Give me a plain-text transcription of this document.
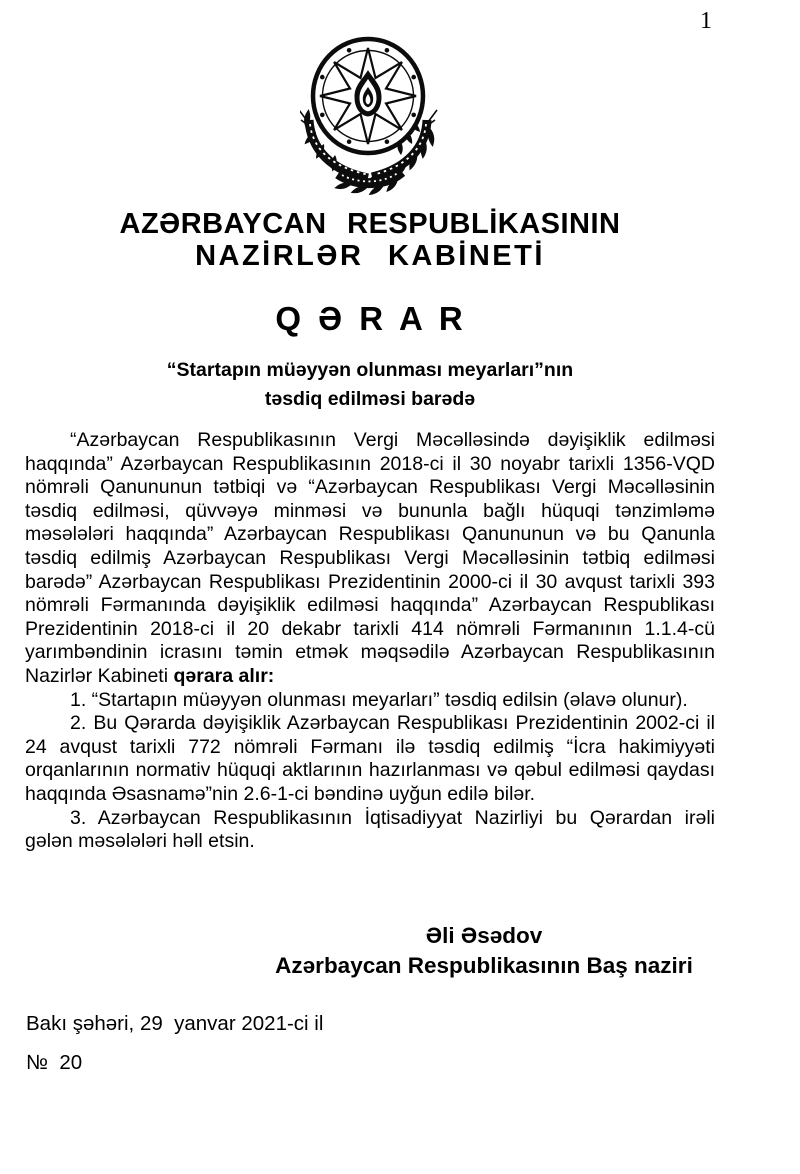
1
AZƏRBAYCAN RESPUBLİKASININ
NAZİRLƏR KABİNETİ
Q Ə R A R
“Startapın müəyyən olunması meyarları”nın
təsdiq edilməsi barədə

“Azərbaycan Respublikasının Vergi Məcəlləsində dəyişiklik edilməsi haqqında” Azərbaycan Respublikasının 2018-ci il 30 noyabr tarixli 1356-VQD nömrəli Qanununun tətbiqi və “Azərbaycan Respublikası Vergi Məcəlləsinin təsdiq edilməsi, qüvvəyə minməsi və bununla bağlı hüquqi tənzimləmə məsələləri haqqında” Azərbaycan Respublikası Qanununun və bu Qanunla təsdiq edilmiş Azərbaycan Respublikası Vergi Məcəlləsinin tətbiq edilməsi barədə” Azərbaycan Respublikası Prezidentinin 2000-ci il 30 avqust tarixli 393 nömrəli Fərmanında dəyişiklik edilməsi haqqında” Azərbaycan Respublikası Prezidentinin 2018-ci il 20 dekabr tarixli 414 nömrəli Fərmanının 1.1.4-cü yarımbəndinin icrasını təmin etmək məqsədilə Azərbaycan Respublikasının Nazirlər Kabineti qərara alır:

1. “Startapın müəyyən olunması meyarları” təsdiq edilsin (əlavə olunur).

2. Bu Qərarda dəyişiklik Azərbaycan Respublikası Prezidentinin 2002-ci il 24 avqust tarixli 772 nömrəli Fərmanı ilə təsdiq edilmiş “İcra hakimiyyəti orqanlarının normativ hüquqi aktlarının hazırlanması və qəbul edilməsi qaydası haqqında Əsasnamə”nin 2.6-1-ci bəndinə uyğun edilə bilər.

3. Azərbaycan Respublikasının İqtisadiyyat Nazirliyi bu Qərardan irəli gələn məsələləri həll etsin.

Əli Əsədov
Azərbaycan Respublikasının Baş naziri
Bakı şəhəri, 29  yanvar 2021-ci il
№  20
